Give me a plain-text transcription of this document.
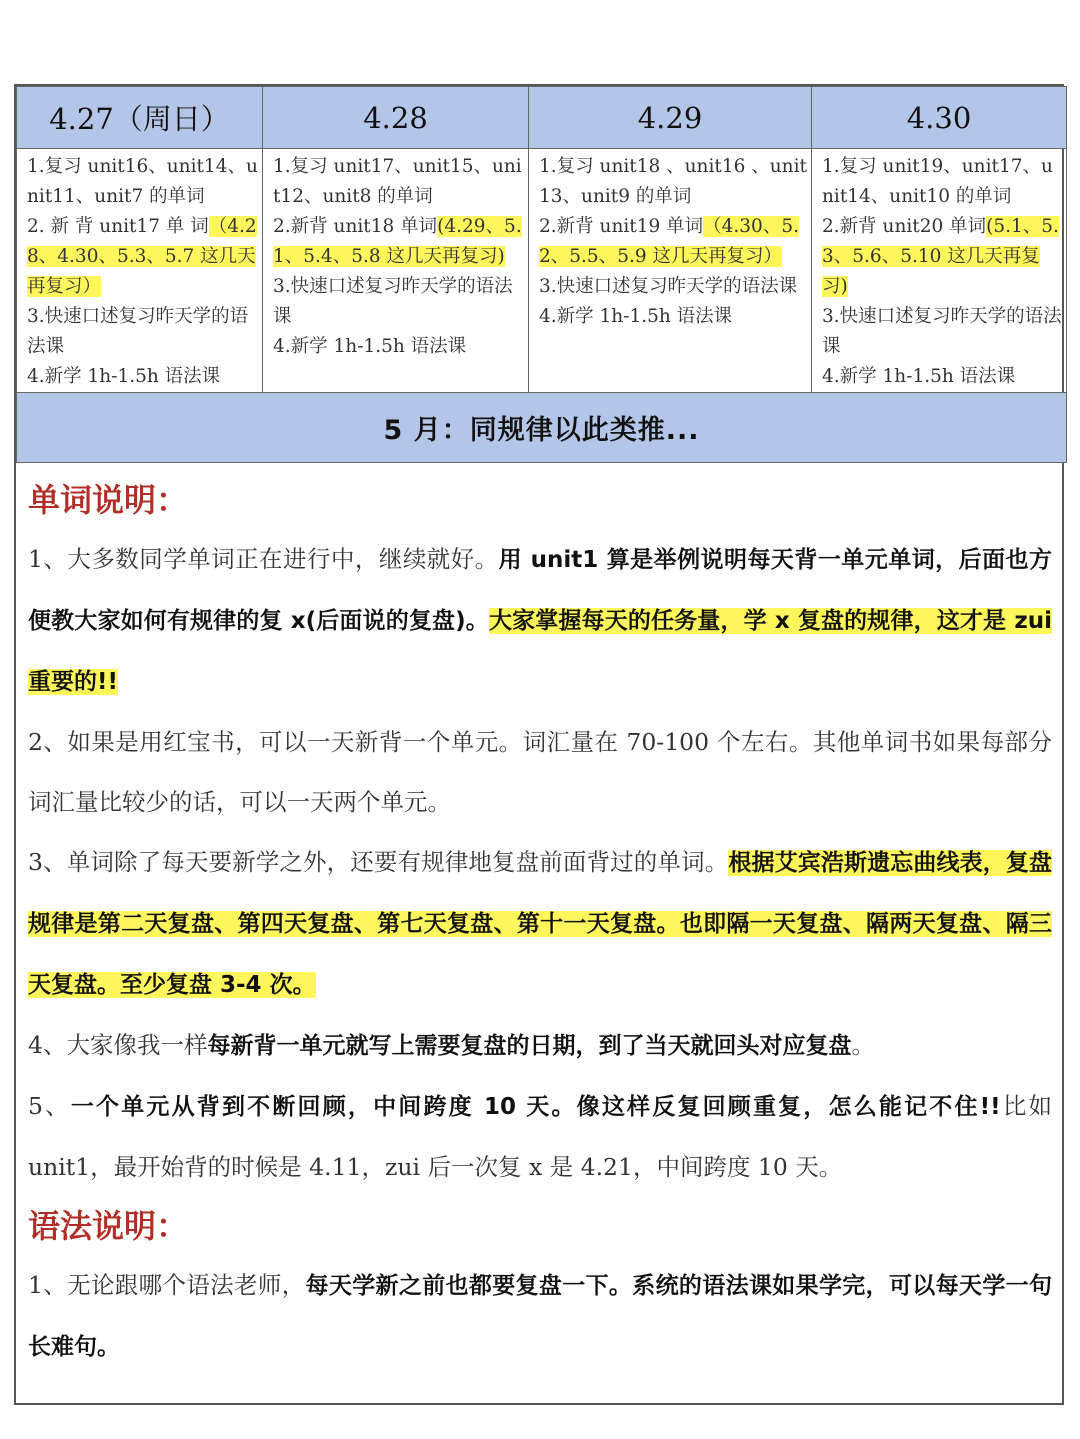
4.27（周日）	4.28	4.29	4.30

1.复习 unit16、unit14、unit11、unit7 的单词
2. 新 背 unit17 单 词（4.28、4.30、5.3、5.7 这几天再复习）
3.快速口述复习昨天学的语法课
4.新学 1h-1.5h 语法课	1.复习 unit17、unit15、unit12、unit8 的单词
2.新背 unit18 单词(4.29、5.1、5.4、5.8 这几天再复习)
3.快速口述复习昨天学的语法课
4.新学 1h-1.5h 语法课	1.复习 unit18 、unit16 、unit13、unit9 的单词
2.新背 unit19 单词（4.30、5.2、5.5、5.9 这几天再复习）
3.快速口述复习昨天学的语法课
4.新学 1h-1.5h 语法课	1.复习 unit19、unit17、unit14、unit10 的单词
2.新背 unit20 单词(5.1、5.3、5.6、5.10 这几天再复习)
3.快速口述复习昨天学的语法课
4.新学 1h-1.5h 语法课

5 月：同规律以此类推...			
单词说明：

1、大多数同学单词正在进行中，继续就好。用 unit1 算是举例说明每天背一单元单词，后面也方便教大家如何有规律的复 x(后面说的复盘)。大家掌握每天的任务量，学 x 复盘的规律，这才是 zui 重要的!!

2、如果是用红宝书，可以一天新背一个单元。词汇量在 70-100 个左右。其他单词书如果每部分词汇量比较少的话，可以一天两个单元。

3、单词除了每天要新学之外，还要有规律地复盘前面背过的单词。根据艾宾浩斯遗忘曲线表，复盘规律是第二天复盘、第四天复盘、第七天复盘、第十一天复盘。也即隔一天复盘、隔两天复盘、隔三天复盘。至少复盘 3-4 次。

4、大家像我一样每新背一单元就写上需要复盘的日期，到了当天就回头对应复盘。

5、一个单元从背到不断回顾，中间跨度 10 天。像这样反复回顾重复，怎么能记不住!!比如 unit1，最开始背的时候是 4.11，zui 后一次复 x 是 4.21，中间跨度 10 天。

语法说明：

1、无论跟哪个语法老师，每天学新之前也都要复盘一下。系统的语法课如果学完，可以每天学一句长难句。
